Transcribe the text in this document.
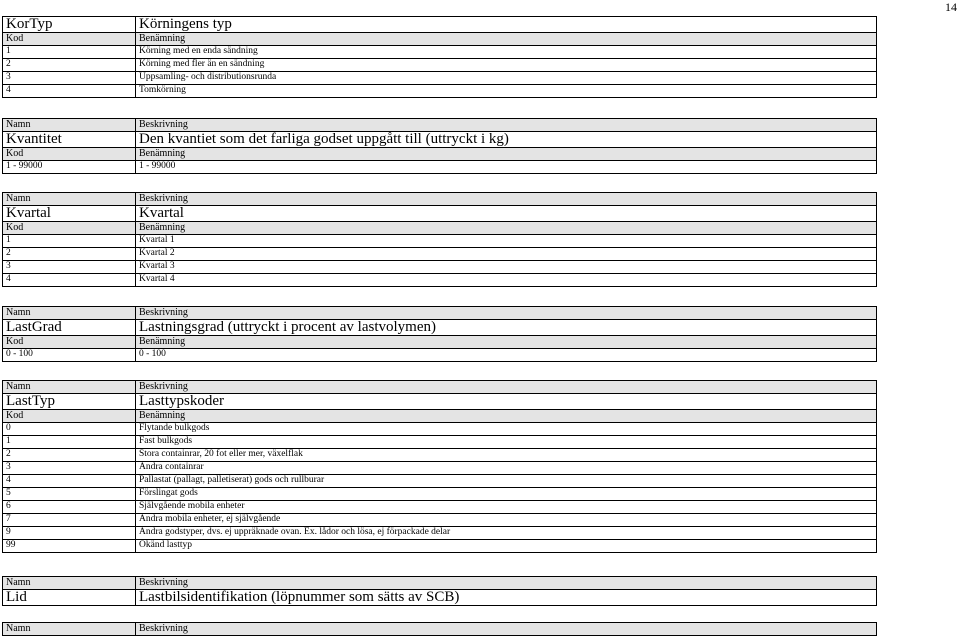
14
KorTyp	Körningens typ
Kod	Benämning
1	Körning med en enda sändning
2	Körning med fler än en sändning
3	Uppsamling- och distributionsrunda
4	Tomkörning
Namn	Beskrivning
Kvantitet	Den kvantiet som det farliga godset uppgått till (uttryckt i kg)
Kod	Benämning
1 - 99000	1 - 99000
Namn	Beskrivning
Kvartal	Kvartal
Kod	Benämning
1	Kvartal 1
2	Kvartal 2
3	Kvartal 3
4	Kvartal 4
Namn	Beskrivning
LastGrad	Lastningsgrad (uttryckt i procent av lastvolymen)
Kod	Benämning
0 - 100	0 - 100
Namn	Beskrivning
LastTyp	Lasttypskoder
Kod	Benämning
0	Flytande bulkgods
1	Fast bulkgods
2	Stora containrar, 20 fot eller mer, växelflak
3	Andra containrar
4	Pallastat (pallagt, palletiserat) gods och rullburar
5	Förslingat gods
6	Självgående mobila enheter
7	Andra mobila enheter, ej självgående
9	Andra godstyper, dvs. ej uppräknade ovan. Ex. lådor och lösa, ej förpackade delar
99	Okänd lasttyp
Namn	Beskrivning
Lid	Lastbilsidentifikation (löpnummer som sätts av SCB)
Namn	Beskrivning
